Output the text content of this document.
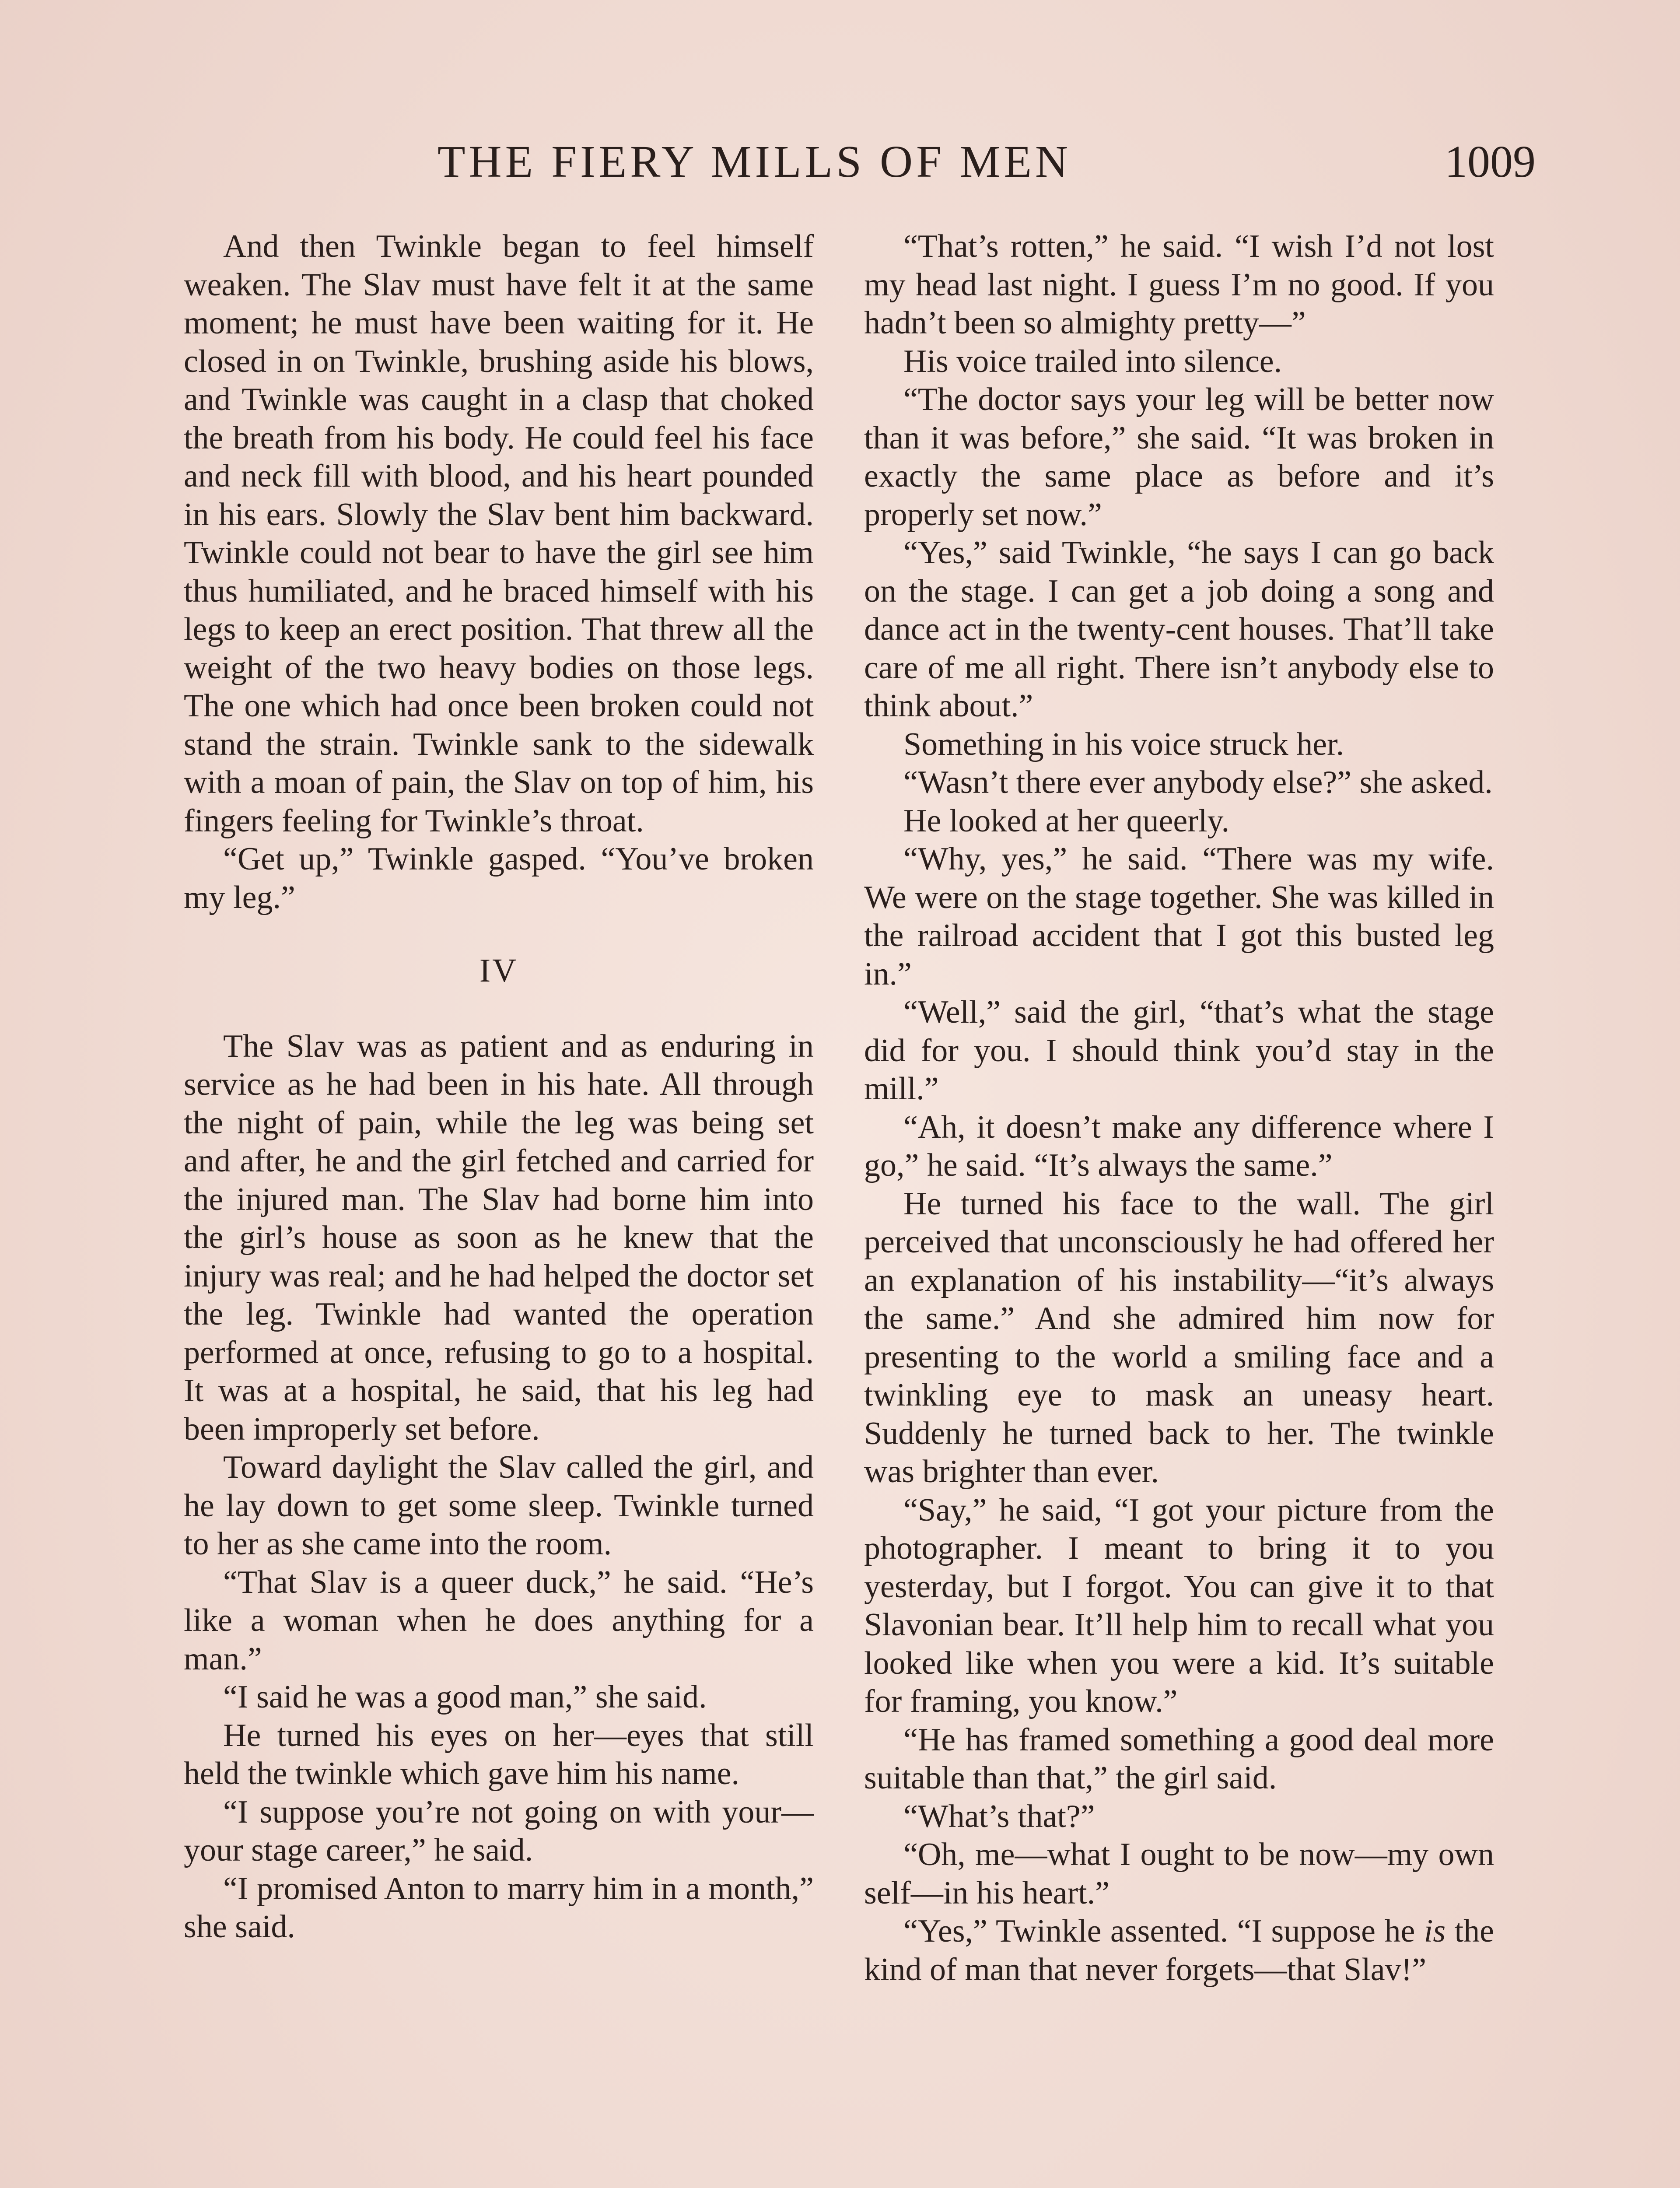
THE FIERY MILLS OF MEN	1009

And then Twinkle began to feel himself weaken. The Slav must have felt it at the same moment; he must have been waiting for it. He closed in on Twinkle, brushing aside his blows, and Twinkle was caught in a clasp that choked the breath from his body. He could feel his face and neck fill with blood, and his heart pounded in his ears. Slowly the Slav bent him backward. Twinkle could not bear to have the girl see him thus humiliated, and he braced himself with his legs to keep an erect position. That threw all the weight of the two heavy bodies on those legs. The one which had once been broken could not stand the strain. Twinkle sank to the sidewalk with a moan of pain, the Slav on top of him, his fingers feeling for Twinkle’s throat.

“Get up,” Twinkle gasped. “You’ve broken my leg.”

IV

The Slav was as patient and as enduring in service as he had been in his hate. All through the night of pain, while the leg was being set and after, he and the girl fetched and carried for the injured man. The Slav had borne him into the girl’s house as soon as he knew that the injury was real; and he had helped the doctor set the leg. Twinkle had wanted the operation performed at once, refusing to go to a hospital. It was at a hospital, he said, that his leg had been improperly set before.

Toward daylight the Slav called the girl, and he lay down to get some sleep. Twinkle turned to her as she came into the room.

“That Slav is a queer duck,” he said. “He’s like a woman when he does anything for a man.”

“I said he was a good man,” she said.

He turned his eyes on her—eyes that still held the twinkle which gave him his name.

“I suppose you’re not going on with your—your stage career,” he said.

“I promised Anton to marry him in a month,” she said.

“That’s rotten,” he said. “I wish I’d not lost my head last night. I guess I’m no good. If you hadn’t been so almighty pretty—”

His voice trailed into silence.

“The doctor says your leg will be better now than it was before,” she said. “It was broken in exactly the same place as before and it’s properly set now.”

“Yes,” said Twinkle, “he says I can go back on the stage. I can get a job doing a song and dance act in the twenty-cent houses. That’ll take care of me all right. There isn’t anybody else to think about.”

Something in his voice struck her.

“Wasn’t there ever anybody else?” she asked.

He looked at her queerly.

“Why, yes,” he said. “There was my wife. We were on the stage together. She was killed in the railroad accident that I got this busted leg in.”

“Well,” said the girl, “that’s what the stage did for you. I should think you’d stay in the mill.”

“Ah, it doesn’t make any difference where I go,” he said. “It’s always the same.”

He turned his face to the wall. The girl perceived that unconsciously he had offered her an explanation of his instability—“it’s always the same.” And she admired him now for presenting to the world a smiling face and a twinkling eye to mask an uneasy heart. Suddenly he turned back to her. The twinkle was brighter than ever.

“Say,” he said, “I got your picture from the photographer. I meant to bring it to you yesterday, but I forgot. You can give it to that Slavonian bear. It’ll help him to recall what you looked like when you were a kid. It’s suitable for framing, you know.”

“He has framed something a good deal more suitable than that,” the girl said.

“What’s that?”

“Oh, me—what I ought to be now—my own self—in his heart.”

“Yes,” Twinkle assented. “I suppose he is the kind of man that never forgets—that Slav!”
